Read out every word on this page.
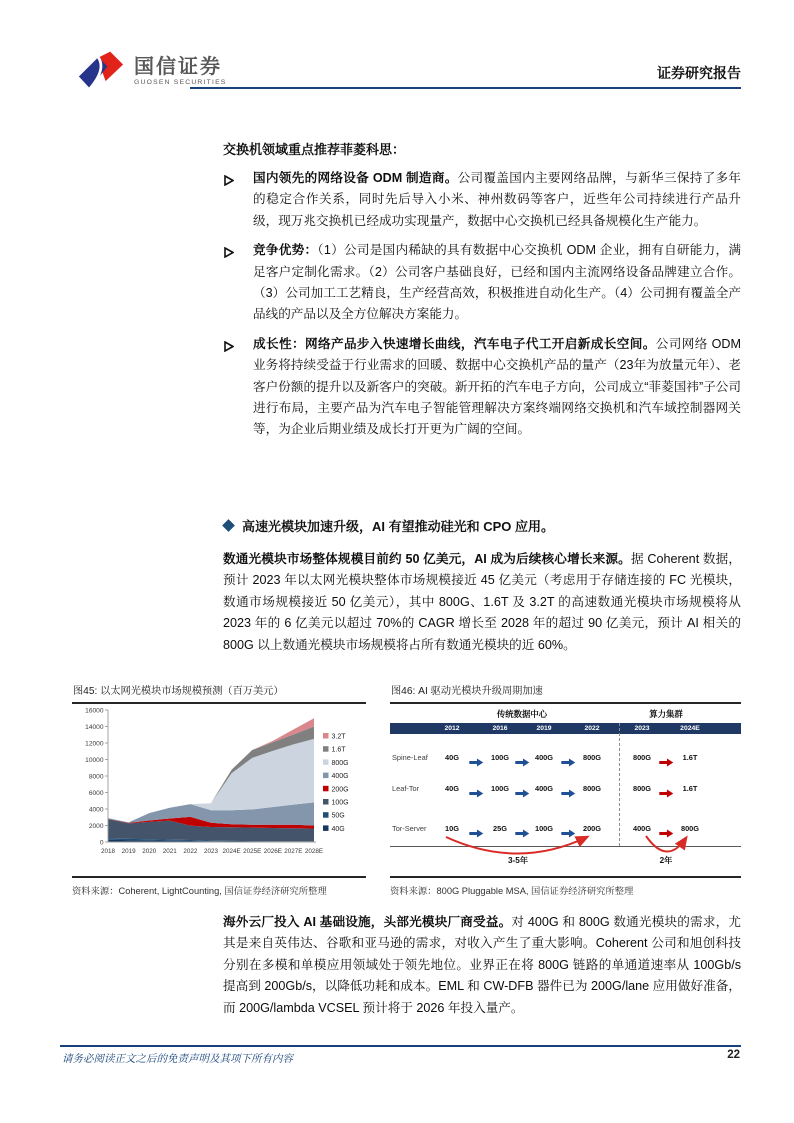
国信证券
GUOSEN SECURITIES
证券研究报告
交换机领域重点推荐菲菱科思：

国内领先的网络设备 ODM 制造商。公司覆盖国内主要网络品牌，与新华三保持了多年的稳定合作关系，同时先后导入小米、神州数码等客户，近些年公司持续进行产品升级，现万兆交换机已经成功实现量产，数据中心交换机已经具备规模化生产能力。

竞争优势：（1）公司是国内稀缺的具有数据中心交换机 ODM 企业，拥有自研能力，满足客户定制化需求。（2）公司客户基础良好，已经和国内主流网络设备品牌建立合作。（3）公司加工工艺精良，生产经营高效，积极推进自动化生产。（4）公司拥有覆盖全产品线的产品以及全方位解决方案能力。

成长性：网络产品步入快速增长曲线，汽车电子代工开启新成长空间。公司网络 ODM 业务将持续受益于行业需求的回暖、数据中心交换机产品的量产（23年为放量元年）、老客户份额的提升以及新客户的突破。新开拓的汽车电子方向，公司成立“菲菱国祎”子公司进行布局，主要产品为汽车电子智能管理解决方案终端网络交换机和汽车域控制器网关等，为企业后期业绩及成长打开更为广阔的空间。

高速光模块加速升级，AI 有望推动硅光和 CPO 应用。

数通光模块市场整体规模目前约 50 亿美元，AI 成为后续核心增长来源。据 Coherent 数据，预计 2023 年以太网光模块整体市场规模接近 45 亿美元（考虑用于存储连接的 FC 光模块，数通市场规模接近 50 亿美元），其中 800G、1.6T 及 3.2T 的高速数通光模块市场规模将从 2023 年的 6 亿美元以超过 70%的 CAGR 增长至 2028 年的超过 90 亿美元，预计 AI 相关的 800G 以上数通光模块市场规模将占所有数通光模块的近 60%。

图45: 以太网光模块市场规模预测（百万美元）
0
2000
4000
6000
8000
10000
12000
14000
16000
2018 2019 2020 2021 2022 2023 2024E 2025E 2026E 2027E 2028E
3.2T
1.6T
800G
400G
200G
100G
50G
40G
资料来源：Coherent, LightCounting, 国信证券经济研究所整理
图46: AI 驱动光模块升级周期加速
传统数据中心	算力集群
2012	2016	2019	2022	2023	2024E
Spine-Leaf 40G	100G	400G	800G	800G	1.6T
Leaf-Tor	40G	100G	400G	800G	800G	1.6T
Tor-Server	10G	25G	100G	200G	400G	800G
3-5年	2年
资料来源：800G Pluggable MSA, 国信证券经济研究所整理

海外云厂投入 AI 基础设施，头部光模块厂商受益。对 400G 和 800G 数通光模块的需求，尤其是来自英伟达、谷歌和亚马逊的需求，对收入产生了重大影响。Coherent 公司和旭创科技分别在多模和单模应用领域处于领先地位。业界正在将 800G 链路的单通道速率从 100Gb/s 提高到 200Gb/s，以降低功耗和成本。EML 和 CW-DFB 器件已为 200G/lane 应用做好准备，而 200G/lambda VCSEL 预计将于 2026 年投入量产。

请务必阅读正文之后的免责声明及其项下所有内容	22
